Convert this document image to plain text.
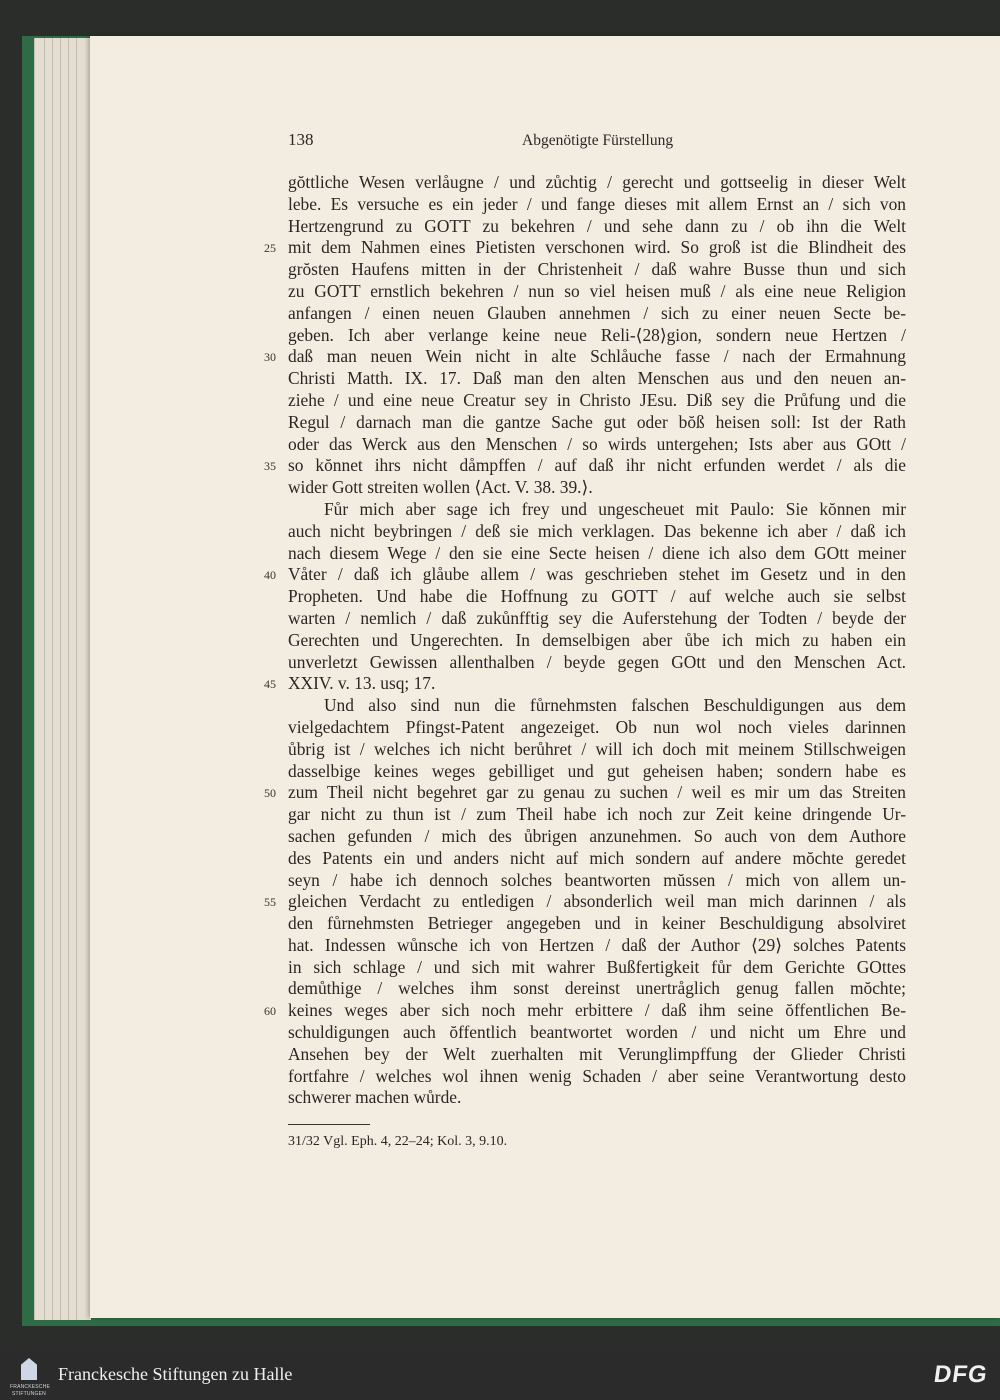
138	Abgenötigte Fürstellung
gŏttliche Wesen verlåugne / und zůchtig / gerecht und gottseelig in dieser Welt
lebe. Es versuche es ein jeder / und fange dieses mit allem Ernst an / sich von
Hertzengrund zu GOTT zu bekehren / und sehe dann zu / ob ihn die Welt
25 mit dem Nahmen eines Pietisten verschonen wird. So groß ist die Blindheit des
grŏsten Haufens mitten in der Christenheit / daß wahre Busse thun und sich
zu GOTT ernstlich bekehren / nun so viel heisen muß / als eine neue Religion
anfangen / einen neuen Glauben annehmen / sich zu einer neuen Secte be-
geben. Ich aber verlange keine neue Reli-⟨28⟩gion, sondern neue Hertzen /
30 daß man neuen Wein nicht in alte Schlåuche fasse / nach der Ermahnung
Christi Matth. IX. 17. Daß man den alten Menschen aus und den neuen an-
ziehe / und eine neue Creatur sey in Christo JEsu. Diß sey die Průfung und die
Regul / darnach man die gantze Sache gut oder bŏß heisen soll: Ist der Rath
oder das Werck aus den Menschen / so wirds untergehen; Ists aber aus GOtt /
35 so kŏnnet ihrs nicht dåmpffen / auf daß ihr nicht erfunden werdet / als die
wider Gott streiten wollen ⟨Act. V. 38. 39.⟩.
Fůr mich aber sage ich frey und ungescheuet mit Paulo: Sie kŏnnen mir
auch nicht beybringen / deß sie mich verklagen. Das bekenne ich aber / daß ich
nach diesem Wege / den sie eine Secte heisen / diene ich also dem GOtt meiner
40 Våter / daß ich glåube allem / was geschrieben stehet im Gesetz und in den
Propheten. Und habe die Hoffnung zu GOTT / auf welche auch sie selbst
warten / nemlich / daß zukůnfftig sey die Auferstehung der Todten / beyde der
Gerechten und Ungerechten. In demselbigen aber ůbe ich mich zu haben ein
unverletzt Gewissen allenthalben / beyde gegen GOtt und den Menschen Act.
45 XXIV. v. 13. usq; 17.
Und also sind nun die fůrnehmsten falschen Beschuldigungen aus dem
vielgedachtem Pfingst-Patent angezeiget. Ob nun wol noch vieles darinnen
ůbrig ist / welches ich nicht berůhret / will ich doch mit meinem Stillschweigen
dasselbige keines weges gebilliget und gut geheisen haben; sondern habe es
50 zum Theil nicht begehret gar zu genau zu suchen / weil es mir um das Streiten
gar nicht zu thun ist / zum Theil habe ich noch zur Zeit keine dringende Ur-
sachen gefunden / mich des ůbrigen anzunehmen. So auch von dem Authore
des Patents ein und anders nicht auf mich sondern auf andere mŏchte geredet
seyn / habe ich dennoch solches beantworten mŭssen / mich von allem un-
55 gleichen Verdacht zu entledigen / absonderlich weil man mich darinnen / als
den fůrnehmsten Betrieger angegeben und in keiner Beschuldigung absolviret
hat. Indessen wůnsche ich von Hertzen / daß der Author ⟨29⟩ solches Patents
in sich schlage / und sich mit wahrer Bußfertigkeit fůr dem Gerichte GOttes
demůthige / welches ihm sonst dereinst unertråglich genug fallen mŏchte;
60 keines weges aber sich noch mehr erbittere / daß ihm seine ŏffentlichen Be-
schuldigungen auch ŏffentlich beantwortet worden / und nicht um Ehre und
Ansehen bey der Welt zuerhalten mit Verunglimpffung der Glieder Christi
fortfahre / welches wol ihnen wenig Schaden / aber seine Verantwortung desto
schwerer machen wůrde.
31/32 Vgl. Eph. 4, 22–24; Kol. 3, 9.10.
FRANCKESCHE
STIFTUNGEN
Franckesche Stiftungen zu Halle	DFG
